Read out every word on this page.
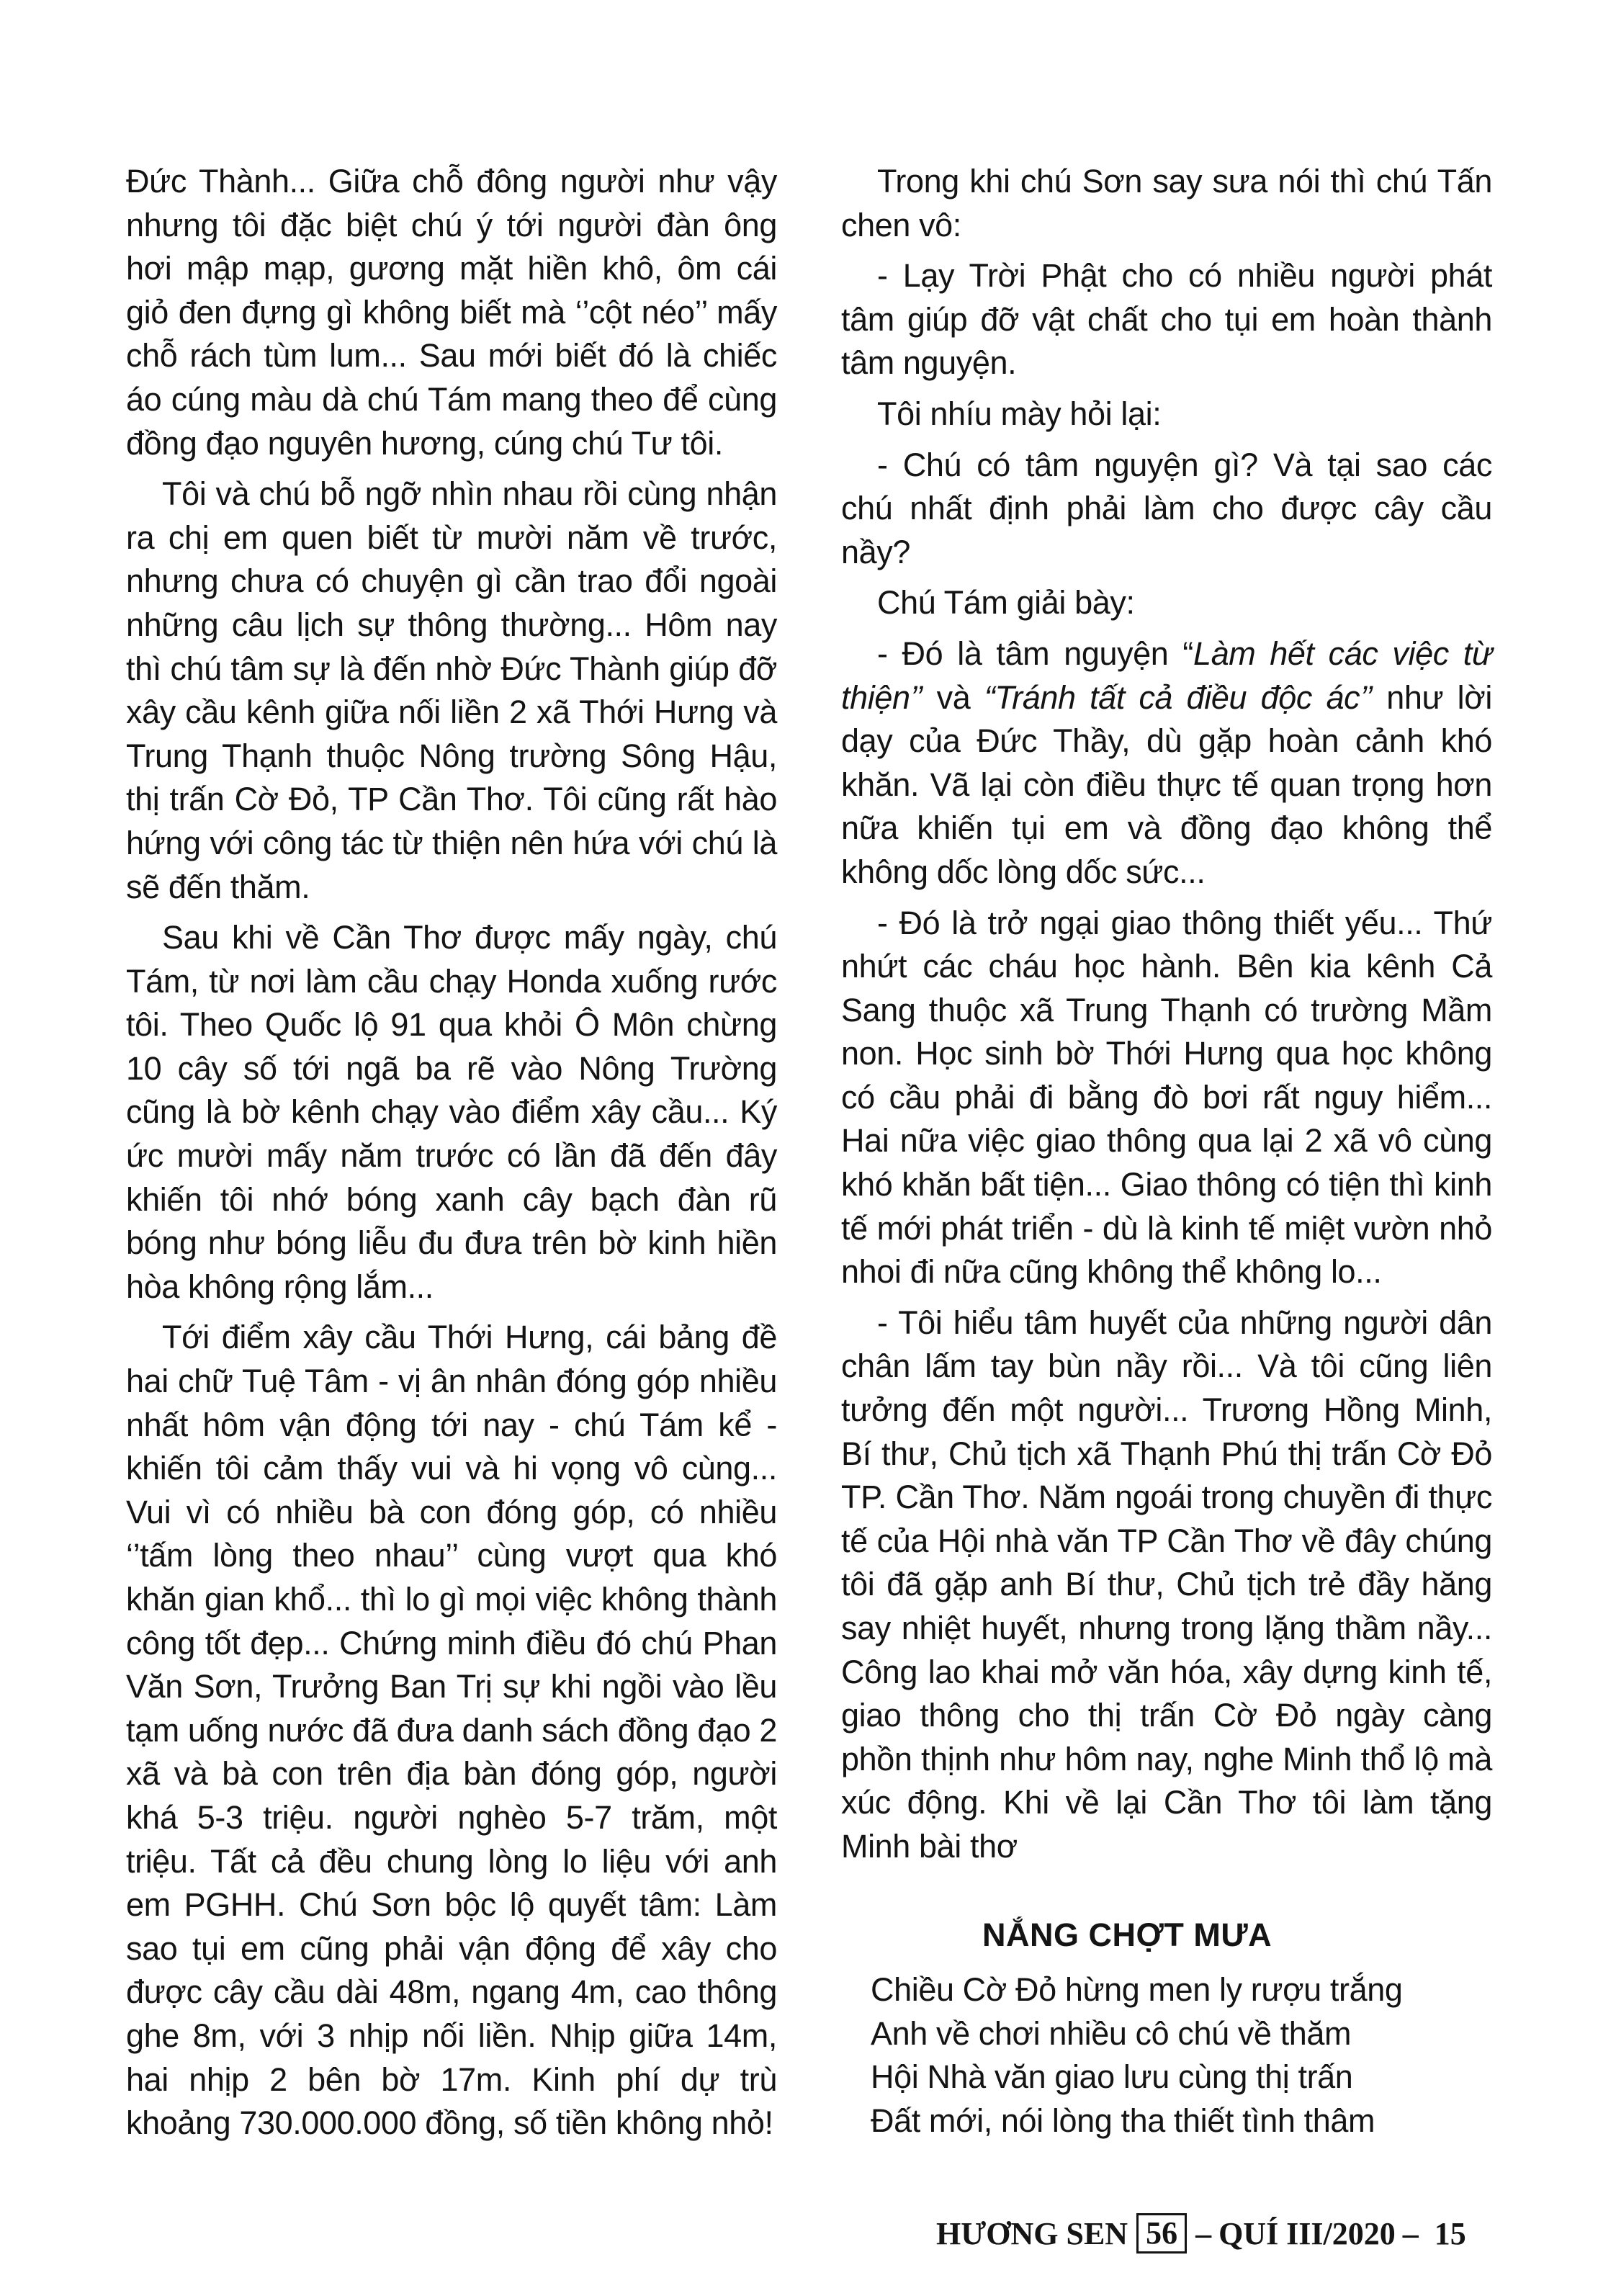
Đức Thành... Giữa chỗ đông người như vậy nhưng tôi đặc biệt chú ý tới người đàn ông hơi mập mạp, gương mặt hiền khô, ôm cái giỏ đen đựng gì không biết mà ‘’cột néo’’ mấy chỗ rách tùm lum... Sau mới biết đó là chiếc áo cúng màu dà chú Tám mang theo để cùng đồng đạo nguyên hương, cúng chú Tư tôi.

Tôi và chú bỗ ngỡ nhìn nhau rồi cùng nhận ra chị em quen biết từ mười năm về trước, nhưng chưa có chuyện gì cần trao đổi ngoài những câu lịch sự thông thường... Hôm nay thì chú tâm sự là đến nhờ Đức Thành giúp đỡ xây cầu kênh giữa nối liền 2 xã Thới Hưng và Trung Thạnh thuộc Nông trường Sông Hậu, thị trấn Cờ Đỏ, TP Cần Thơ. Tôi cũng rất hào hứng với công tác từ thiện nên hứa với chú là sẽ đến thăm.

Sau khi về Cần Thơ được mấy ngày, chú Tám, từ nơi làm cầu chạy Honda xuống rước tôi. Theo Quốc lộ 91 qua khỏi Ô Môn chừng 10 cây số tới ngã ba rẽ vào Nông Trường cũng là bờ kênh chạy vào điểm xây cầu... Ký ức mười mấy năm trước có lần đã đến đây khiến tôi nhớ bóng xanh cây bạch đàn rũ bóng như bóng liễu đu đưa trên bờ kinh hiền hòa không rộng lắm...

Tới điểm xây cầu Thới Hưng, cái bảng đề hai chữ Tuệ Tâm - vị ân nhân đóng góp nhiều nhất hôm vận động tới nay - chú Tám kể - khiến tôi cảm thấy vui và hi vọng vô cùng... Vui vì có nhiều bà con đóng góp, có nhiều ‘’tấm lòng theo nhau’’ cùng vượt qua khó khăn gian khổ... thì lo gì mọi việc không thành công tốt đẹp... Chứng minh điều đó chú Phan Văn Sơn, Trưởng Ban Trị sự khi ngồi vào lều tạm uống nước đã đưa danh sách đồng đạo 2 xã và bà con trên địa bàn đóng góp, người khá 5-3 triệu. người nghèo 5-7 trăm, một triệu. Tất cả đều chung lòng lo liệu với anh em PGHH. Chú Sơn bộc lộ quyết tâm: Làm sao tụi em cũng phải vận động để xây cho được cây cầu dài 48m, ngang 4m, cao thông ghe 8m, với 3 nhịp nối liền. Nhịp giữa 14m, hai nhịp 2 bên bờ 17m. Kinh phí dự trù khoảng 730.000.000 đồng, số tiền không nhỏ!

Trong khi chú Sơn say sưa nói thì chú Tấn chen vô:

- Lạy Trời Phật cho có nhiều người phát tâm giúp đỡ vật chất cho tụi em hoàn thành tâm nguyện.

Tôi nhíu mày hỏi lại:

- Chú có tâm nguyện gì? Và tại sao các chú nhất định phải làm cho được cây cầu nầy?

Chú Tám giải bày:

- Đó là tâm nguyện “Làm hết các việc từ thiện’’ và “Tránh tất cả điều độc ác’’ như lời dạy của Đức Thầy, dù gặp hoàn cảnh khó khăn. Vã lại còn điều thực tế quan trọng hơn nữa khiến tụi em và đồng đạo không thể không dốc lòng dốc sức...

- Đó là trở ngại giao thông thiết yếu... Thứ nhứt các cháu học hành. Bên kia kênh Cả Sang thuộc xã Trung Thạnh có trường Mầm non. Học sinh bờ Thới Hưng qua học không có cầu phải đi bằng đò bơi rất nguy hiểm... Hai nữa việc giao thông qua lại 2 xã vô cùng khó khăn bất tiện... Giao thông có tiện thì kinh tế mới phát triển - dù là kinh tế miệt vườn nhỏ nhoi đi nữa cũng không thể không lo...

- Tôi hiểu tâm huyết của những người dân chân lấm tay bùn nầy rồi... Và tôi cũng liên tưởng đến một người... Trương Hồng Minh, Bí thư, Chủ tịch xã Thạnh Phú thị trấn Cờ Đỏ TP. Cần Thơ. Năm ngoái trong chuyền đi thực tế của Hội nhà văn TP Cần Thơ về đây chúng tôi đã gặp anh Bí thư, Chủ tịch trẻ đầy hăng say nhiệt huyết, nhưng trong lặng thầm nầy... Công lao khai mở văn hóa, xây dựng kinh tế, giao thông cho thị trấn Cờ Đỏ ngày càng phồn thịnh như hôm nay, nghe Minh thổ lộ mà xúc động. Khi về lại Cần Thơ tôi làm tặng Minh bài thơ

NẮNG CHỢT MƯA
Chiều Cờ Đỏ hừng men ly rượu trắng
Anh về chơi nhiều cô chú về thăm
Hội Nhà văn giao lưu cùng thị trấn
Đất mới, nói lòng tha thiết tình thâm
HƯƠNG SEN 56 – QUÍ III/2020 – 15
